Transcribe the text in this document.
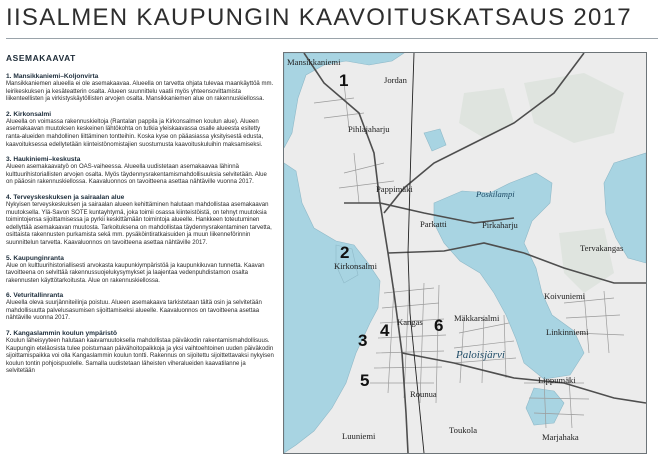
IISALMEN KAUPUNGIN KAAVOITUSKATSAUS 2017
ASEMAKAAVAT
1. Mansikkaniemi–Koljonvirta
Mansikkaniemen alueella ei ole asemakaavaa. Alueella on tarvetta ohjata tulevaa maankäyttöä mm. leirikeskuksen ja kesäteatterin osalta. Alueen suunnittelu vaatii myös yhteensovittamista liikenteellisten ja virkistyskäytöllisten arvojen osalta. Mansikkaniemen alue on rakennuskiellossa.
2. Kirkonsalmi
Alueella on voimassa rakennuskieltoja (Rantalan pappila ja Kirkonsalmen koulun alue). Alueen asemakaavan muutoksen keskeinen lähtökohta on tutkia yleiskaavassa osalle alueesta esitetty ranta-alueiden mahdollinen liittäminen tontteihin. Koska kyse on pääasiassa yksityisestä edusta, kaavoituksessa edellytetään kiinteistönomistajien suostumusta kaavoituskuluihin maksamiseksi.
3. Haukiniemi–keskusta
Alueen asemakaavatyö on OAS-vaiheessa. Alueella uudistetaan asemakaavaa lähinnä kulttuurihistoriallisten arvojen osalta. Myös täydennysrakentamismahdollisuuksia selvitetään. Alue on pääosin rakennuskiellossa. Kaavaluonnos on tavoitteena asettaa nähtäville vuonna 2017.
4. Terveyskeskuksen ja sairaalan alue
Nykyisen terveyskeskuksen ja sairaalan alueen kehittäminen halutaan mahdollistaa asemakaavan muutoksella. Ylä-Savon SOTE kuntayhtymä, joka toimii osassa kiinteistöistä, on tehnyt muutoksia toimintojensa sijoittamisessa ja pyrkii keskittämään toimintoja alueelle. Hankkeen toteutuminen edellyttää asemakaavan muutosta. Tarkoituksena on mahdollistaa täydennysrakentaminen tarvetta, osittaista rakennusten purkamista sekä mm. pysäköintiratkaisuiden ja muun liikenneförinnin suunnittelun tarvetta. Kaavaluonnos on tavoitteena asettaa nähtäville 2017.
5. Kaupunginranta
Alue on kulttuurihistoriallisesti arvokasta kaupunkiympäristöä ja kaupunkikuvan tunnetta. Kaavan tavoitteena on selvittää rakennussuojelukysymykset ja laajentaa vedenpuhdistamon osalta rakennusten käyttötarkoitusta. Alue on rakennuskiellossa.
6. Veturitallinranta
Alueella oleva suurjänniteilinja poistuu. Alueen asemakaava tarkistetaan tältä osin ja selvitetään mahdollisuutta palvelusasumisen sijoittamiseksi alueelle. Kaavaluonnos on tavoitteena asettaa nähtäville vuonna 2017.
7. Kangaslammin koulun ympäristö
Koulun läheisyyteen halutaan kaavamuutoksella mahdollistaa päiväkodin rakentamismahdollisuus. Kaupungin eteläosista tulee poistumaan päivähoitopaikkoja ja yksi vaihtoehtoinen uuden päiväkodin sijoittamispaikka voi olla Kangaslammin koulun tontti. Rakennus on sijoitettu sijoittettavaksi nykyisen koulun tontin pohjoispuolelle. Samalla uudistetaan läheisten viheralueiden kaavatilanne ja selvitetään
Mansikkaniemi
Jordan
Pihlajaharju
Pappimäki	Poskilampi
Parkatti	Pirkaharju
Tervakangas
Kirkonsalmi
Koivuniemi
Kangas	Mäkkarsalmi
Linkinniemi
Paloisjärvi
Lippumäki
Rounua
Luuniemi
Toukola
Marjahaka
1
2
3
4
5
6
